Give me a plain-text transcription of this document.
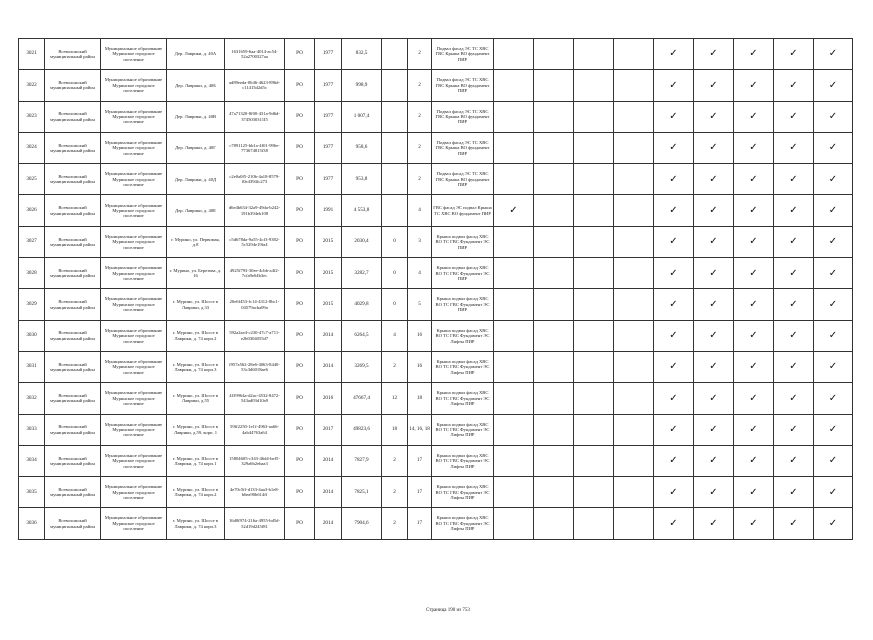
3021	Всеволожский муниципальный район	Муниципальное образование Муринское городское поселение	Дер. Лаврики, д. 40А	1631659-6aa-4014-ac54-52a2700327aa	РО	1977	832,5		2	Подвал фасад ЭС ТС ХВС ГВС Крыша ВО фундамент ПИР					✓	✓	✓	✓	✓
3022	Всеволожский муниципальный район	Муниципальное образование Муринское городское поселение	Дер. Лаврики, д. 40Б	ad89eeda-0646-4623-896d-c11415d2d5c	РО	1977	998,9		2	Подвал фасад ЭС ТС ХВС ГВС Крыша ВО фундамент ПИР					✓	✓	✓	✓	✓
3023	Всеволожский муниципальный район	Муниципальное образование Муринское городское поселение	Дер. Лаврики, д. 40В	47a71320-8f00-431a-9d6d-3745030311I5	РО	1977	1 007,4		2	Подвал фасад ЭС ТС ХВС ГВС Крыша ВО фундамент ПИР					✓	✓	✓	✓	✓
3024	Всеволожский муниципальный район	Муниципальное образование Муринское городское поселение	Дер. Лаврики, д. 40Г	c7891125-bb1a-4f01-996e-773674815f38	РО	1977	958,6		2	Подвал фасад ЭС ТС ХВС ГВС Крыша ВО фундамент ПИР					✓	✓	✓	✓	✓
3025	Всеволожский муниципальный район	Муниципальное образование Муринское городское поселение	Дер. Лаврики, д. 40Д	c2e0a0f5-210b-4a18-8579-f0e4394fc273	РО	1977	953,8		2	Подвал фасад ЭС ТС ХВС ГВС Крыша ВО фундамент ПИР					✓	✓	✓	✓	✓
3026	Всеволожский муниципальный район	Муниципальное образование Муринское городское поселение	Дер. Лаврики, д. 40Е	d6e4b634-32a9-49da-b242-191b394eb108	РО	1991	4 553,8		4	ГВС фасад ЭС подвал Крыша ТС ХВС ВО фундамент ПИР	✓				✓	✓	✓	✓	✓
3027	Всеволожский муниципальный район	Муниципальное образование Муринское городское поселение	г. Мурино, ул. Первомая, д.8	c5d678da-9a55-4cf3-9382-5c5294e19fa4	РО	2015	2030,4	0	3	Крыша подвал фасад ХВС ВО ТС ГВС Фундамент ЭС ПИР					✓	✓	✓	✓	✓
3028	Всеволожский муниципальный район	Муниципальное образование Муринское городское поселение	г. Мурино, ул. Березова, д. 16	4925f793-30ee-4cbb-a4f2-7cfa9e64b3ec	РО	2015	3282,7	0	4	Крыша подвал фасад ХВС ВО ТС ГВС Фундамент ЭС ПИР					✓	✓	✓	✓	✓
3029	Всеволожский муниципальный район	Муниципальное образование Муринское городское поселение	г. Мурино, ул. Шоссе в Лаврики, д.33	20e6f453-fc14-4312-8bc1-04579acba09a	РО	2015	4029,8	0	5	Крыша подвал фасад ХВС ВО ТС ГВС Фундамент ЭС ПИР					✓	✓	✓	✓	✓
3030	Всеволожский муниципальный район	Муниципальное образование Муринское городское поселение	г. Мурино, ул. Шоссе в Лаврики, д. 74 корп.2	592a2ae4-c230-47c7-a711-e2b0304055d7	РО	2014	6264,5	4	16	Крыша подвал фасад ХВС ВО ТС ГВС Фундамент ЭС Лифты ПИР					✓	✓	✓	✓	✓
3031	Всеволожский муниципальный район	Муниципальное образование Муринское городское поселение	г. Мурино, ул. Шоссе в Лаврики, д. 74 корп.3	f957a562-28e6-4063-8440-53c3d6018ae6	РО	2014	3269,5	2	16	Крыша подвал фасад ХВС ВО ТС ГВС Фундамент ЭС Лифты ПИР					✓	✓	✓	✓	✓
3032	Всеволожский муниципальный район	Муниципальное образование Муринское городское поселение	г. Мурино, ул. Шоссе в Лаврики, д.55	4f39964a-d2ac-4532-8472-543ad03d10a9	РО	2016	47667,4	12	18	Крыша подвал фасад ХВС ВО ТС ГВС Фундамент ЭС Лифты ПИР					✓	✓	✓	✓	✓
3033	Всеволожский муниципальный район	Муниципальное образование Муринское городское поселение	г. Мурино, ул. Шоссе в Лаврики, д.59, корп. 1	59ff2250-1e1f-4963-aa66-4ab44763a64	РО	2017	49823,6	18	14, 16, 18	Крыша подвал фасад ХВС ВО ТС ГВС Фундамент ЭС Лифты ПИР					✓	✓	✓	✓	✓
3034	Всеволожский муниципальный район	Муниципальное образование Муринское городское поселение	г. Мурино, ул. Шоссе в Лаврики, д. 74 корп.1	15804605-c343-46d4-bef5-329a6b2ebaa3	РО	2014	7827,9	2	17	Крыша подвал фасад ХВС ВО ТС ГВС Фундамент ЭС Лифты ПИР					✓	✓	✓	✓	✓
3035	Всеволожский муниципальный район	Муниципальное образование Муринское городское поселение	г. Мурино, ул. Шоссе в Лаврики, д. 74 корп.2	4e70c5ff-d133-4aa3-b1e8-b6ea90b614ff	РО	2014	7825,1	2	17	Крыша подвал фасад ХВС ВО ТС ГВС Фундамент ЭС Лифты ПИР					✓	✓	✓	✓	✓
3036	Всеволожский муниципальный район	Муниципальное образование Муринское городское поселение	г. Мурино, ул. Шоссе в Лаврики, д. 74 корп.3	16d0f974-216a-4955-bd5d-52d19d245f81	РО	2014	7904,6	2	17	Крыша подвал фасад ХВС ВО ТС ГВС Фундамент ЭС Лифты ПИР					✓	✓	✓	✓	✓
Страница 190 из 753
